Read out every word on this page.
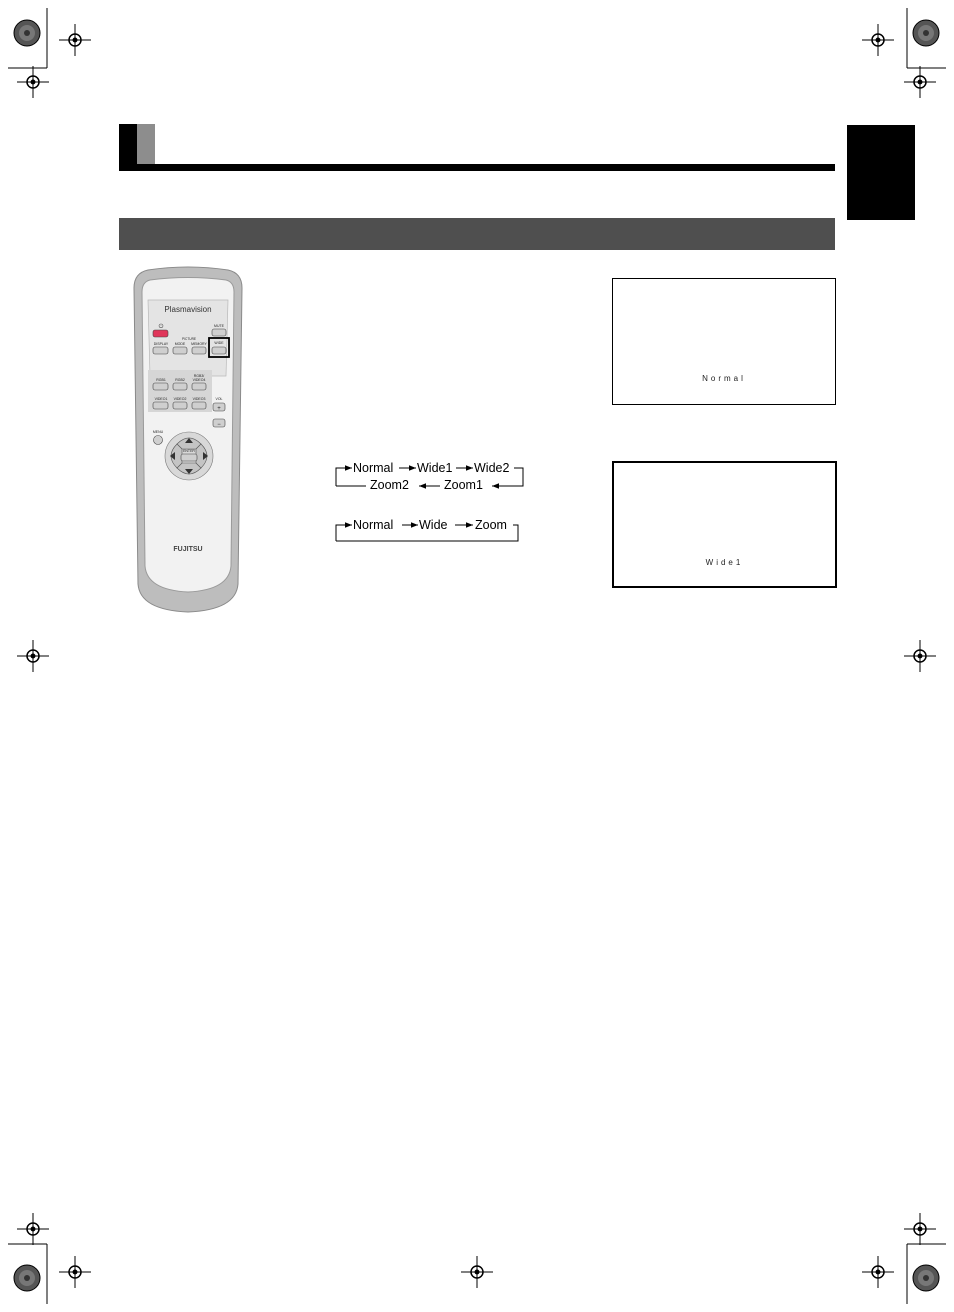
Plasmavision
⏻	MUTE
PICTURE
DISPLAY MODE MEMORY WIDE
RGB1	RGB2
RGB3/
VIDEO4
VIDEO1 VIDEO2 VIDEO3	VOL
+
−
MENU
ENTER
FUJITSU
Normal Wide1 Wide2
Zoom2	Zoom1
Normal Wide Zoom
Normal
Wide1
